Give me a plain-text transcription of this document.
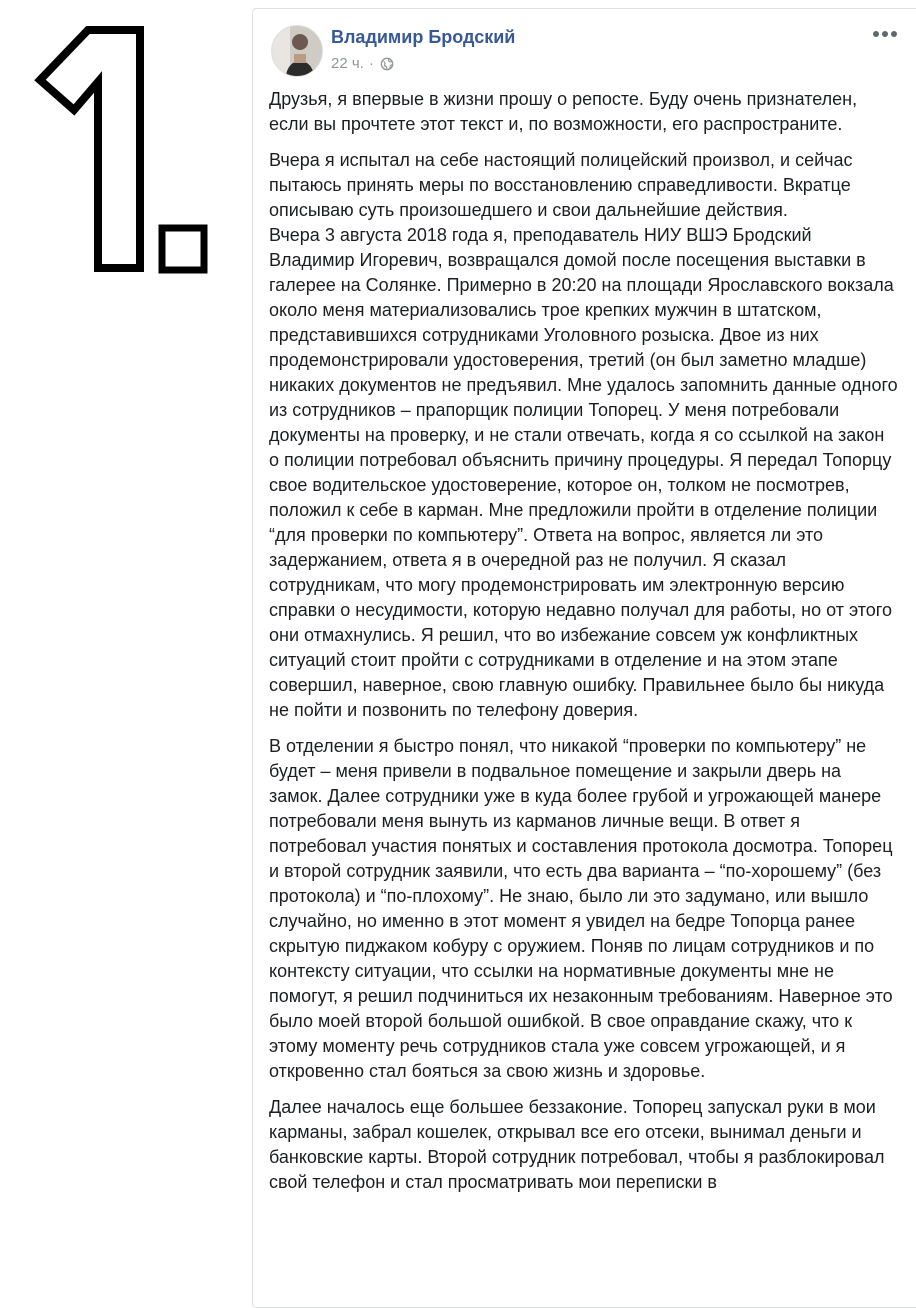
Владимир Бродский
22 ч. ·

Друзья, я впервые в жизни прошу о репосте. Буду очень признателен, если вы прочтете этот текст и, по возможности, его распространите.

Вчера я испытал на себе настоящий полицейский произвол, и сейчас пытаюсь принять меры по восстановлению справедливости. Вкратце описываю суть произошедшего и свои дальнейшие действия.
Вчера 3 августа 2018 года я, преподаватель НИУ ВШЭ Бродский Владимир Игоревич, возвращался домой после посещения выставки в галерее на Солянке. Примерно в 20:20 на площади Ярославского вокзала около меня материализовались трое крепких мужчин в штатском, представившихся сотрудниками Уголовного розыска. Двое из них продемонстрировали удостоверения, третий (он был заметно младше) никаких документов не предъявил. Мне удалось запомнить данные одного из сотрудников – прапорщик полиции Топорец. У меня потребовали документы на проверку, и не стали отвечать, когда я со ссылкой на закон о полиции потребовал объяснить причину процедуры. Я передал Топорцу свое водительское удостоверение, которое он, толком не посмотрев, положил к себе в карман. Мне предложили пройти в отделение полиции “для проверки по компьютеру”. Ответа на вопрос, является ли это задержанием, ответа я в очередной раз не получил. Я сказал сотрудникам, что могу продемонстрировать им электронную версию справки о несудимости, которую недавно получал для работы, но от этого они отмахнулись. Я решил, что во избежание совсем уж конфликтных ситуаций стоит пройти с сотрудниками в отделение и на этом этапе совершил, наверное, свою главную ошибку. Правильнее было бы никуда не пойти и позвонить по телефону доверия.

В отделении я быстро понял, что никакой “проверки по компьютеру” не будет – меня привели в подвальное помещение и закрыли дверь на замок. Далее сотрудники уже в куда более грубой и угрожающей манере потребовали меня вынуть из карманов личные вещи. В ответ я потребовал участия понятых и составления протокола досмотра. Топорец и второй сотрудник заявили, что есть два варианта – “по-хорошему” (без протокола) и “по-плохому”. Не знаю, было ли это задумано, или вышло случайно, но именно в этот момент я увидел на бедре Топорца ранее скрытую пиджаком кобуру с оружием. Поняв по лицам сотрудников и по контексту ситуации, что ссылки на нормативные документы мне не помогут, я решил подчиниться их незаконным требованиям. Наверное это было моей второй большой ошибкой. В свое оправдание скажу, что к этому моменту речь сотрудников стала уже совсем угрожающей, и я откровенно стал бояться за свою жизнь и здоровье.

Далее началось еще большее беззаконие. Топорец запускал руки в мои карманы, забрал кошелек, открывал все его отсеки, вынимал деньги и банковские карты. Второй сотрудник потребовал, чтобы я разблокировал свой телефон и стал просматривать мои переписки в
